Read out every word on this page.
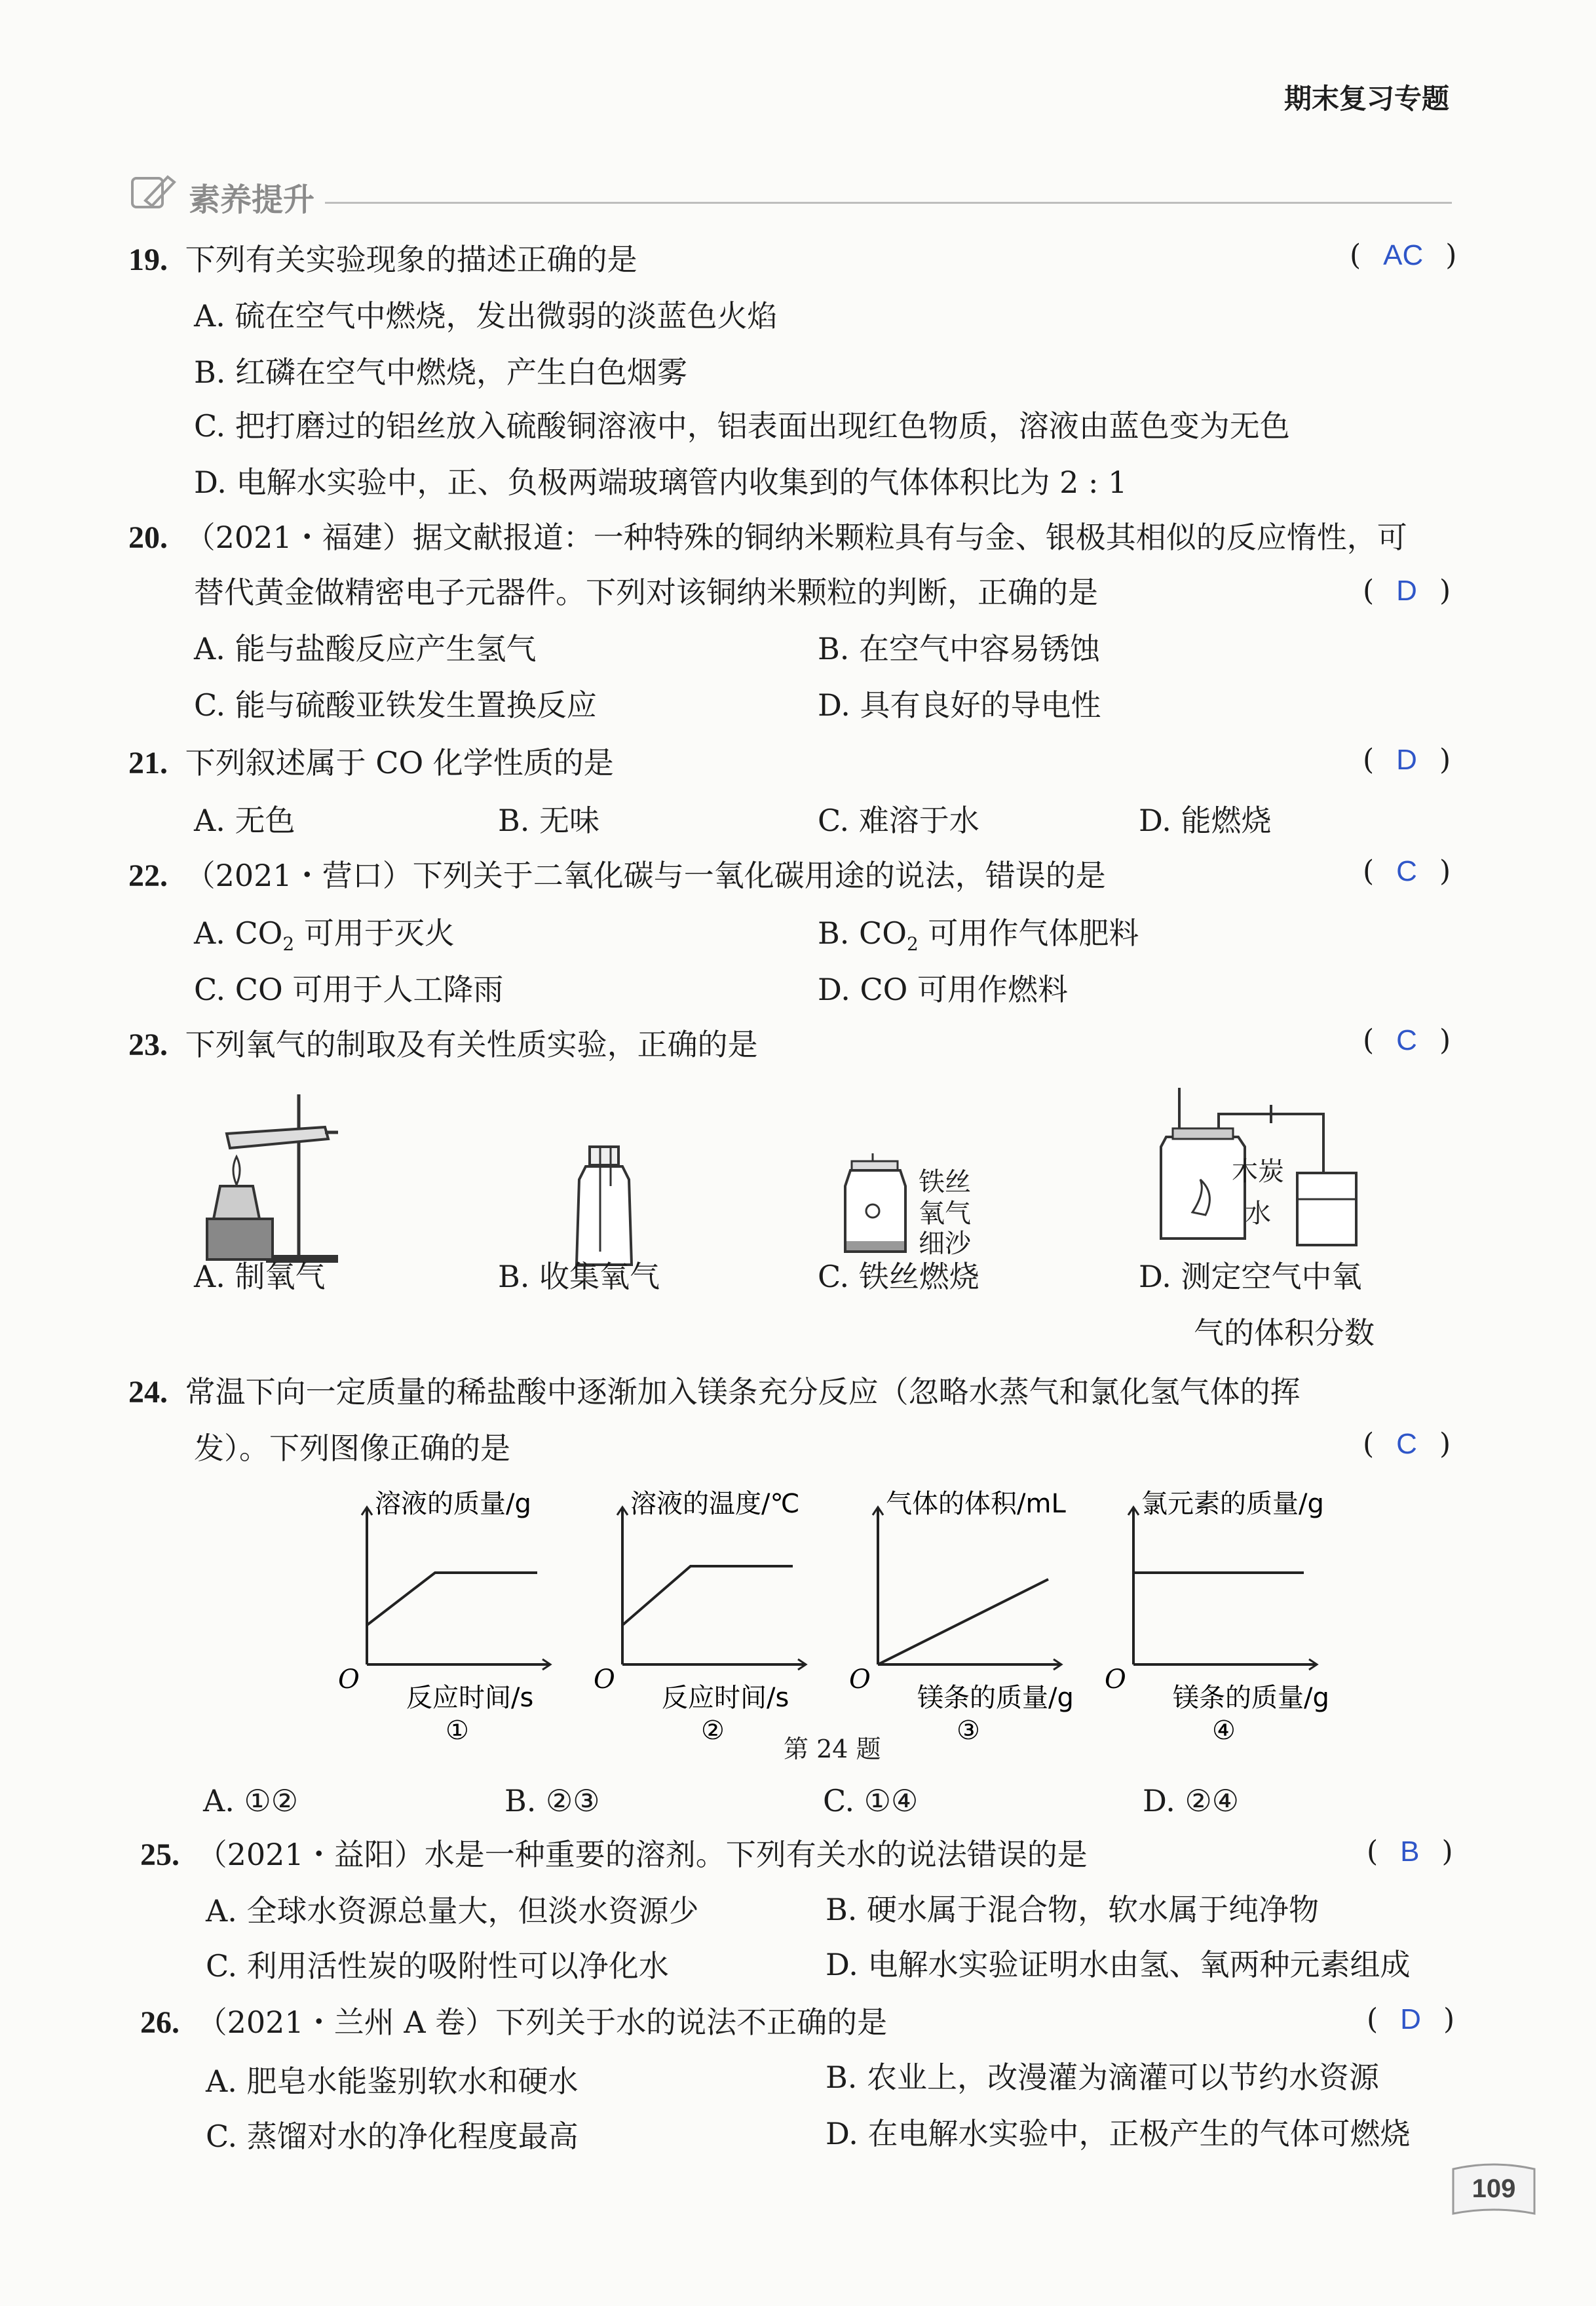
期末复习专题
素养提升
19. 下列有关实验现象的描述正确的是	( AC )
A. 硫在空气中燃烧，发出微弱的淡蓝色火焰
B. 红磷在空气中燃烧，产生白色烟雾
C. 把打磨过的铝丝放入硫酸铜溶液中，铝表面出现红色物质，溶液由蓝色变为无色
D. 电解水实验中，正、负极两端玻璃管内收集到的气体体积比为 2 : 1
20. （2021・福建）据文献报道：一种特殊的铜纳米颗粒具有与金、银极其相似的反应惰性，可
替代黄金做精密电子元器件。下列对该铜纳米颗粒的判断，正确的是	( D )
A. 能与盐酸反应产生氢气	B. 在空气中容易锈蚀
C. 能与硫酸亚铁发生置换反应	D. 具有良好的导电性
21. 下列叙述属于 CO 化学性质的是	( D )
A. 无色	B. 无味	C. 难溶于水	D. 能燃烧
22. （2021・营口）下列关于二氧化碳与一氧化碳用途的说法，错误的是	( C )
A. $CO_2$ 可用于灭火	B. $CO_2$ 可用作气体肥料
C. CO 可用于人工降雨	D. CO 可用作燃料
23. 下列氧气的制取及有关性质实验，正确的是	( C )
A. 制氧气	B. 收集氧气
铁丝
氧气
细沙
C. 铁丝燃烧
木炭
水
D. 测定空气中氧
气的体积分数
24. 常温下向一定质量的稀盐酸中逐渐加入镁条充分反应（忽略水蒸气和氯化氢气体的挥
发）。下列图像正确的是	( C )
溶液的质量/g
O
反应时间/s
①
溶液的温度/℃
O
反应时间/s
②
气体的体积/mL
O
镁条的质量/g
③
氯元素的质量/g
O
镁条的质量/g
④
第 24 题
A. ①②	B. ②③	C. ①④	D. ②④
25. （2021・益阳）水是一种重要的溶剂。下列有关水的说法错误的是	( B )
A. 全球水资源总量大，但淡水资源少	B. 硬水属于混合物，软水属于纯净物
C. 利用活性炭的吸附性可以净化水	D. 电解水实验证明水由氢、氧两种元素组成
26. （2021・兰州 A 卷）下列关于水的说法不正确的是	( D )
A. 肥皂水能鉴别软水和硬水	B. 农业上，改漫灌为滴灌可以节约水资源
C. 蒸馏对水的净化程度最高	D. 在电解水实验中，正极产生的气体可燃烧
109
